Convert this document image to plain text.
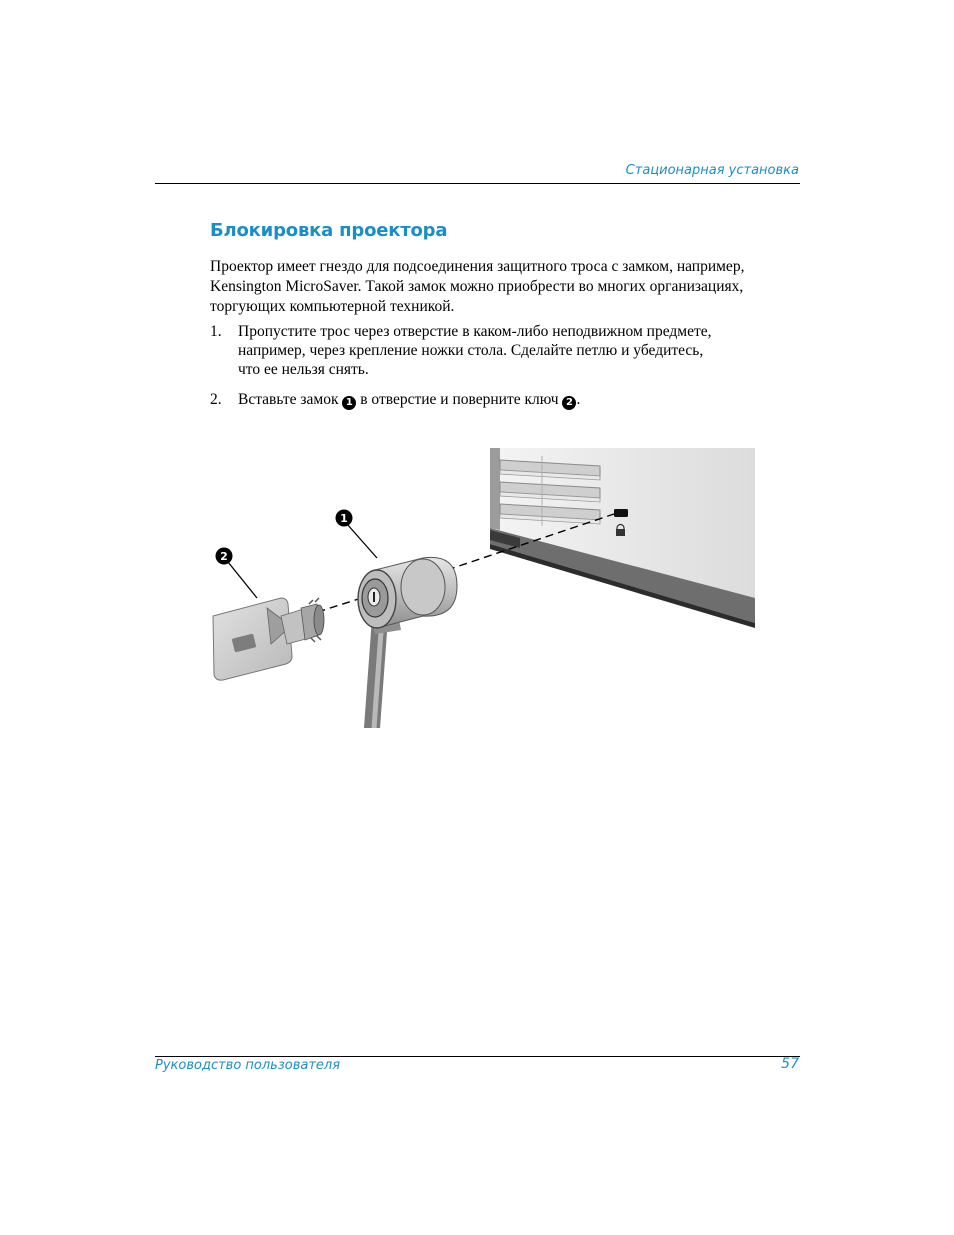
Стационарная установка
Блокировка проектора
Проектор имеет гнездо для подсоединения защитного троса с замком, например,
Kensington MicroSaver. Такой замок можно приобрести во многих организациях,
торгующих компьютерной техникой.
1. Пропустите трос через отверстие в каком-либо неподвижном предмете,
например, через крепление ножки стола. Сделайте петлю и убедитесь,
что ее нельзя снять.
2. Вставьте замок 1 в отверстие и поверните ключ 2 .
1
2
Руководство пользователя	57
